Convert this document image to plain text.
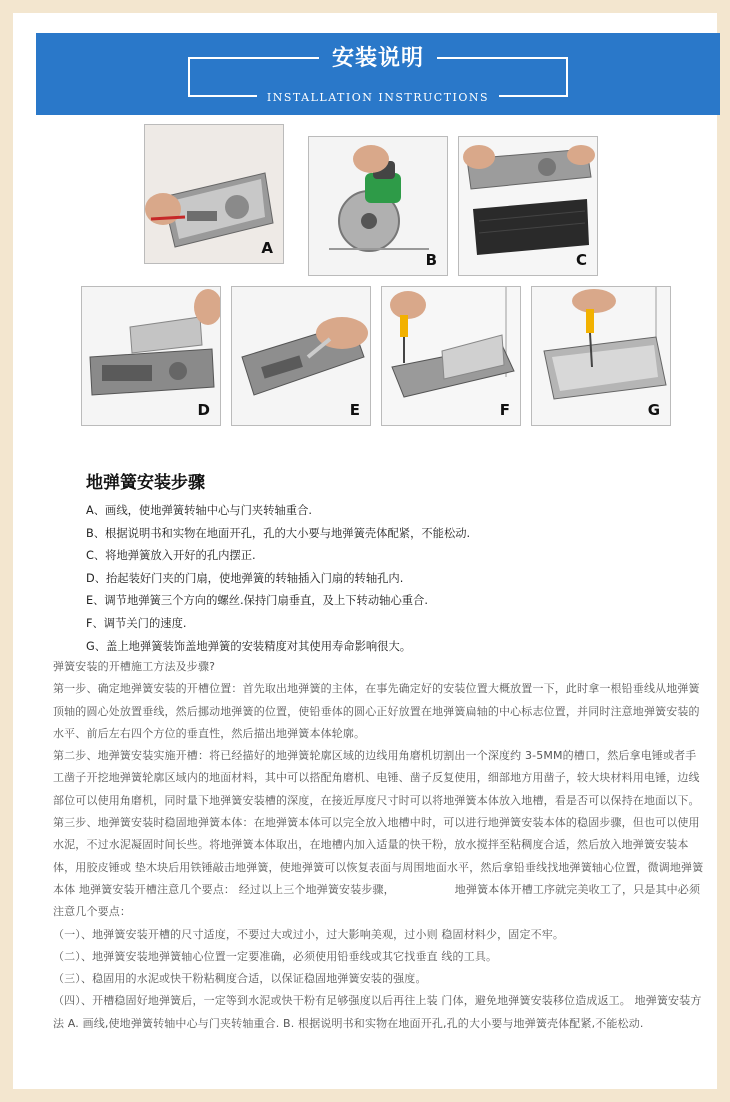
安装说明
INSTALLATION INSTRUCTIONS
A
B	C
D	E	F	G
地弹簧安装步骤
A、画线，使地弹簧转轴中心与门夹转轴重合.
B、根据说明书和实物在地面开孔，孔的大小要与地弹簧壳体配紧，不能松动.
C、将地弹簧放入开好的孔内摆正.
D、抬起装好门夹的门扇，使地弹簧的转轴插入门扇的转轴孔内.
E、调节地弹簧三个方向的螺丝.保持门扇垂直，及上下转动轴心重合.
F、调节关门的速度.
G、盖上地弹簧装饰盖地弹簧的安装精度对其使用寿命影响很大。

弹簧安装的开槽施工方法及步骤?

第一步、确定地弹簧安装的开槽位置：首先取出地弹簧的主体，在事先确定好的安装位置大概放置一下，此时拿一根铅垂线从地弹簧顶轴的圆心处放置垂线，然后挪动地弹簧的位置，使铅垂体的圆心正好放置在地弹簧扁轴的中心标志位置，并同时注意地弹簧安装的水平、前后左右四个方位的垂直性，然后描出地弹簧本体轮廓。

第二步、地弹簧安装实施开槽：将已经描好的地弹簧轮廓区域的边线用角磨机切割出一个深度约 3-5MM的槽口，然后拿电锤或者手工凿子开挖地弹簧轮廓区域内的地面材料，其中可以搭配角磨机、电锤、凿子反复使用，细部地方用凿子，较大块材料用电锤，边线部位可以使用角磨机，同时量下地弹簧安装槽的深度，在接近厚度尺寸时可以将地弹簧本体放入地槽，看是否可以保持在地面以下。

第三步、地弹簧安装时稳固地弹簧本体：在地弹簧本体可以完全放入地槽中时，可以进行地弹簧安装本体的稳固步骤，但也可以使用水泥，不过水泥凝固时间长些。将地弹簧本体取出，在地槽内加入适量的快干粉，放水搅拌至粘稠度合适，然后放入地弹簧安装本体，用胶皮锤或 垫木块后用铁锤敲击地弹簧，使地弹簧可以恢复表面与周围地面水平，然后拿铅垂线找地弹簧轴心位置，微调地弹簧本体 地弹簧安装开槽注意几个要点： 经过以上三个地弹簧安装步骤，	地弹簧本体开槽工序就完美收工了，只是其中必须注意几个要点：

（一）、地弹簧安装开槽的尺寸适度，不要过大或过小，过大影响美观，过小则 稳固材料少，固定不牢。

（二）、地弹簧安装地弹簧轴心位置一定要准确，必须使用铅垂线或其它找垂直 线的工具。

（三）、稳固用的水泥或快干粉粘稠度合适，以保证稳固地弹簧安装的强度。

（四）、开槽稳固好地弹簧后，一定等到水泥或快干粉有足够强度以后再往上装 门体，避免地弹簧安装移位造成返工。 地弹簧安装方法 A. 画线,使地弹簧转轴中心与门夹转轴重合. B. 根据说明书和实物在地面开孔,孔的大小要与地弹簧壳体配紧,不能松动.
